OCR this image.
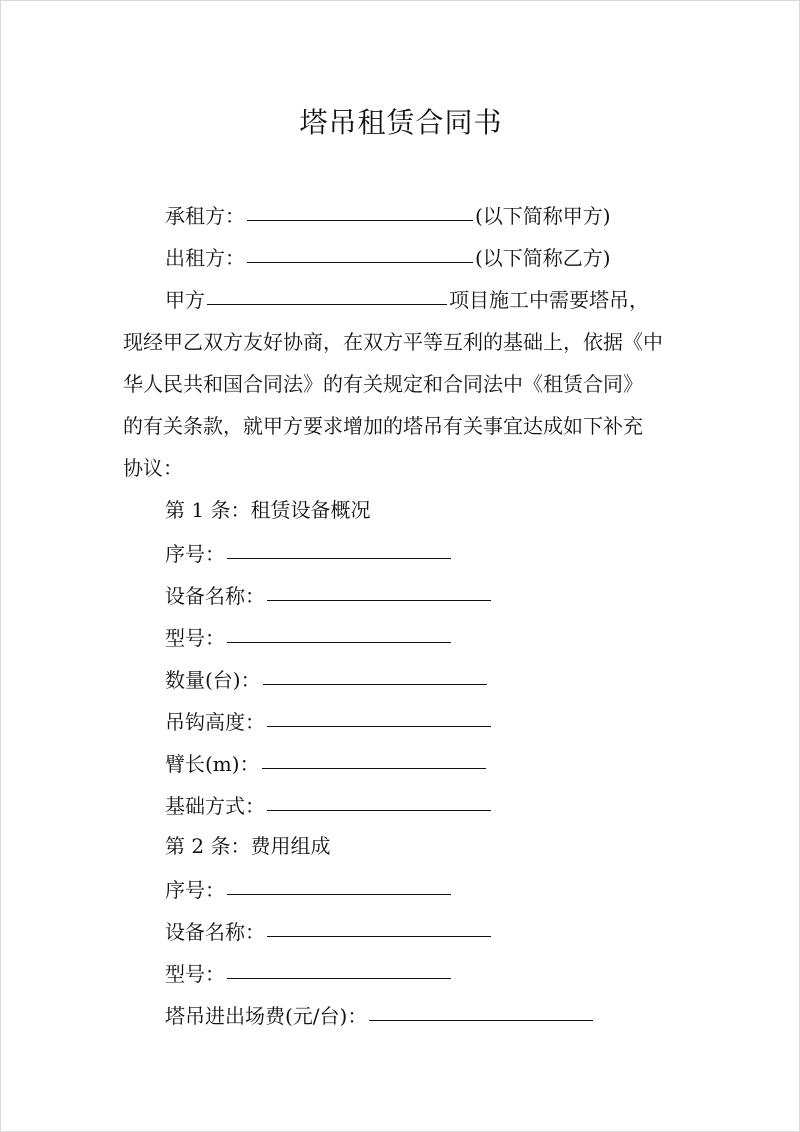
塔吊租赁合同书
承租方：	(以下简称甲方)
出租方：	(以下简称乙方)
甲方	项目施工中需要塔吊，
现经甲乙双方友好协商，在双方平等互利的基础上，依据《中
华人民共和国合同法》的有关规定和合同法中《租赁合同》
的有关条款，就甲方要求增加的塔吊有关事宜达成如下补充
协议：
第 1 条：租赁设备概况
序号：
设备名称：
型号：
数量(台)：
吊钩高度：
臂长(m)：
基础方式：
第 2 条：费用组成
序号：
设备名称：
型号：
塔吊进出场费(元/台)：
